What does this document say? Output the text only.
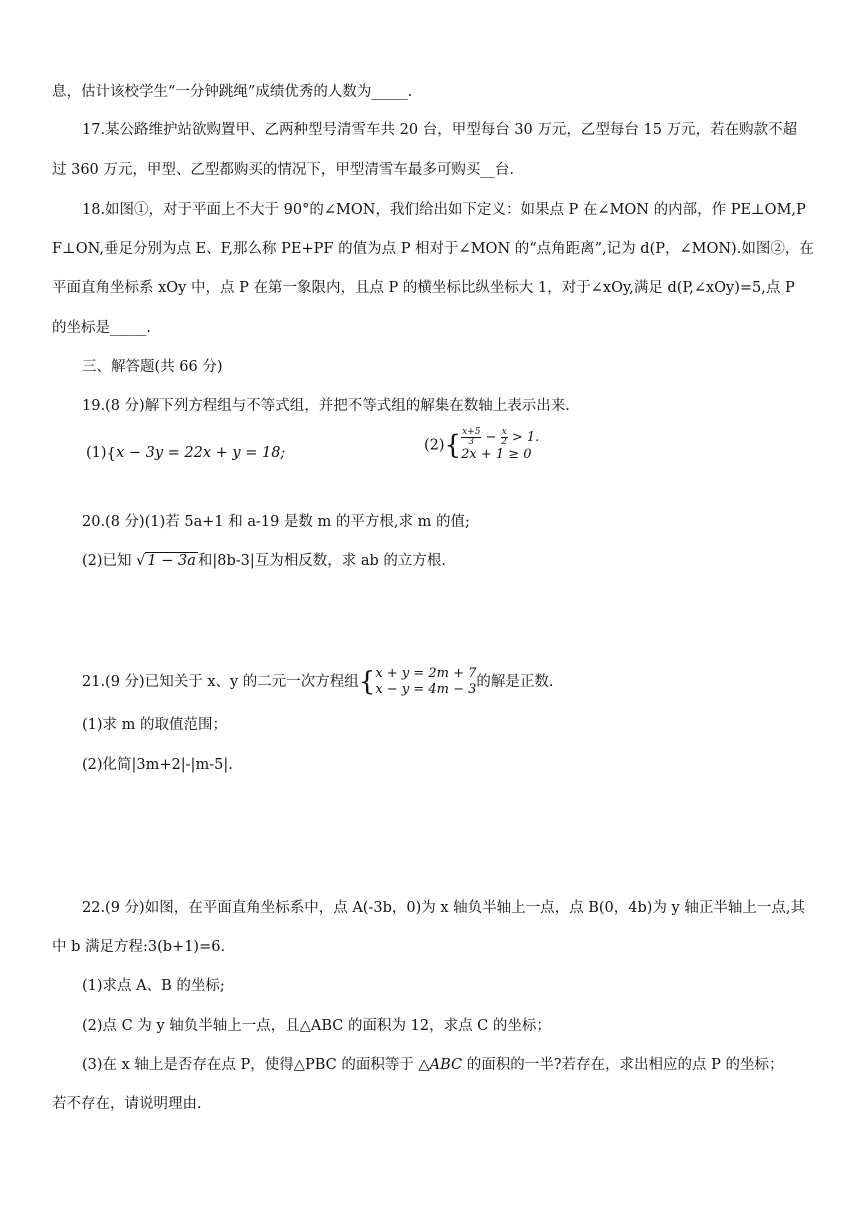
息，估计该校学生“一分钟跳绳”成绩优秀的人数为_____.
17.某公路维护站欲购置甲、乙两种型号清雪车共 20 台，甲型每台 30 万元，乙型每台 15 万元，若在购款不超
过 360 万元，甲型、乙型都购买的情况下，甲型清雪车最多可购买__台.
18.如图①，对于平面上不大于 90°的∠MON，我们给出如下定义：如果点 P 在∠MON 的内部，作 PE⊥OM,P
F⊥ON,垂足分别为点 E、F,那么称 PE+PF 的值为点 P 相对于∠MON 的“点角距离”,记为 d(P，∠MON).如图②，在
平面直角坐标系 xOy 中，点 P 在第一象限内，且点 P 的横坐标比纵坐标大 1，对于∠xOy,满足 d(P,∠xOy)=5,点 P
的坐标是_____.
三、解答题(共 66 分)
19.(8 分)解下列方程组与不等式组，并把不等式组的解集在数轴上表示出来.
(1){x − 3y = 22x + y = 18;	$(2)\{ \frac{x+5}{3} - \frac{x}{2} > 1$.
2x + 1 ≥ 0
20.(8 分)(1)若 5a+1 和 a-19 是数 m 的平方根,求 m 的值;
(2)已知 √ 1 − 3a 和|8b-3|互为相反数，求 ab 的立方根.
21.(9 分)已知关于 x、y 的二元一次方程组{ x + y = 2m + 7
x − y = 4m − 3 的解是正数.
(1)求 m 的取值范围；
(2)化简|3m+2|-|m-5|.
22.(9 分)如图，在平面直角坐标系中，点 A(-3b，0)为 x 轴负半轴上一点，点 B(0，4b)为 y 轴正半轴上一点,其
中 b 满足方程:3(b+1)=6.
(1)求点 A、B 的坐标;
(2)点 C 为 y 轴负半轴上一点，且△ABC 的面积为 12，求点 C 的坐标；
(3)在 x 轴上是否存在点 P，使得△PBC 的面积等于 △ABC 的面积的一半?若存在，求出相应的点 P 的坐标；
若不存在，请说明理由.
